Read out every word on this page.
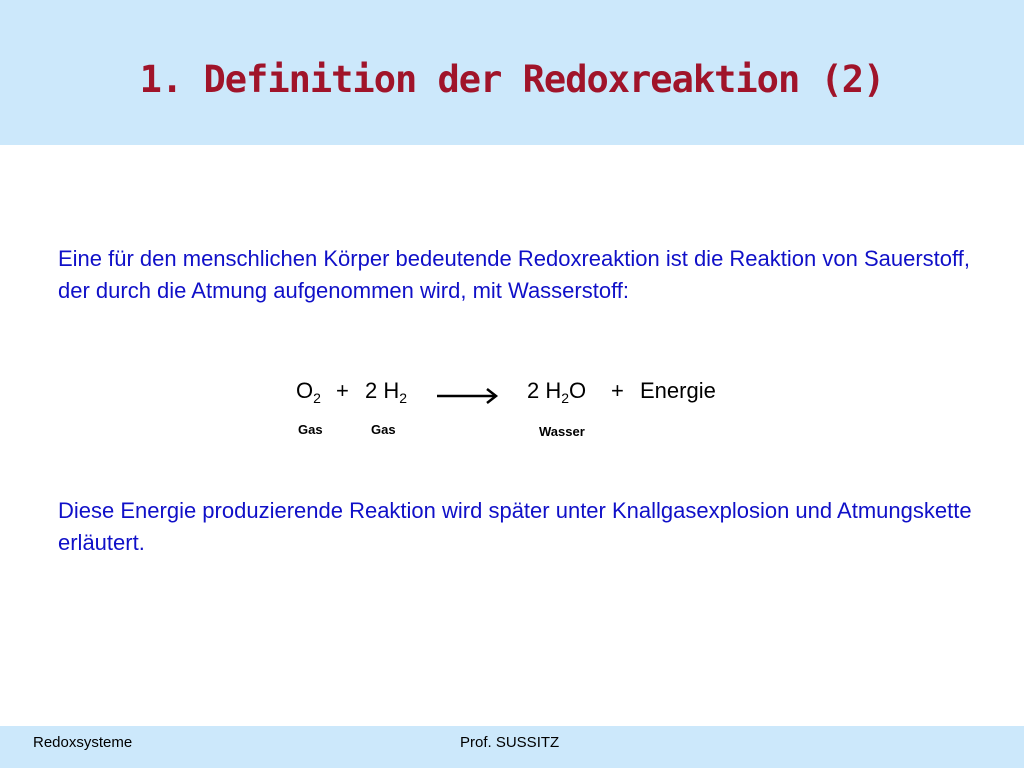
1. Definition der Redoxreaktion (2)
Eine für den menschlichen Körper bedeutende Redoxreaktion ist die Reaktion von Sauerstoff, der durch die Atmung aufgenommen wird, mit Wasserstoff:
$O_2 + 2$ $H_2$	2 $H_2O$ + Energie
Gas	Gas	Wasser
Diese Energie produzierende Reaktion wird später unter Knallgasexplosion und Atmungskette erläutert.
Redoxsysteme	Prof. SUSSITZ
